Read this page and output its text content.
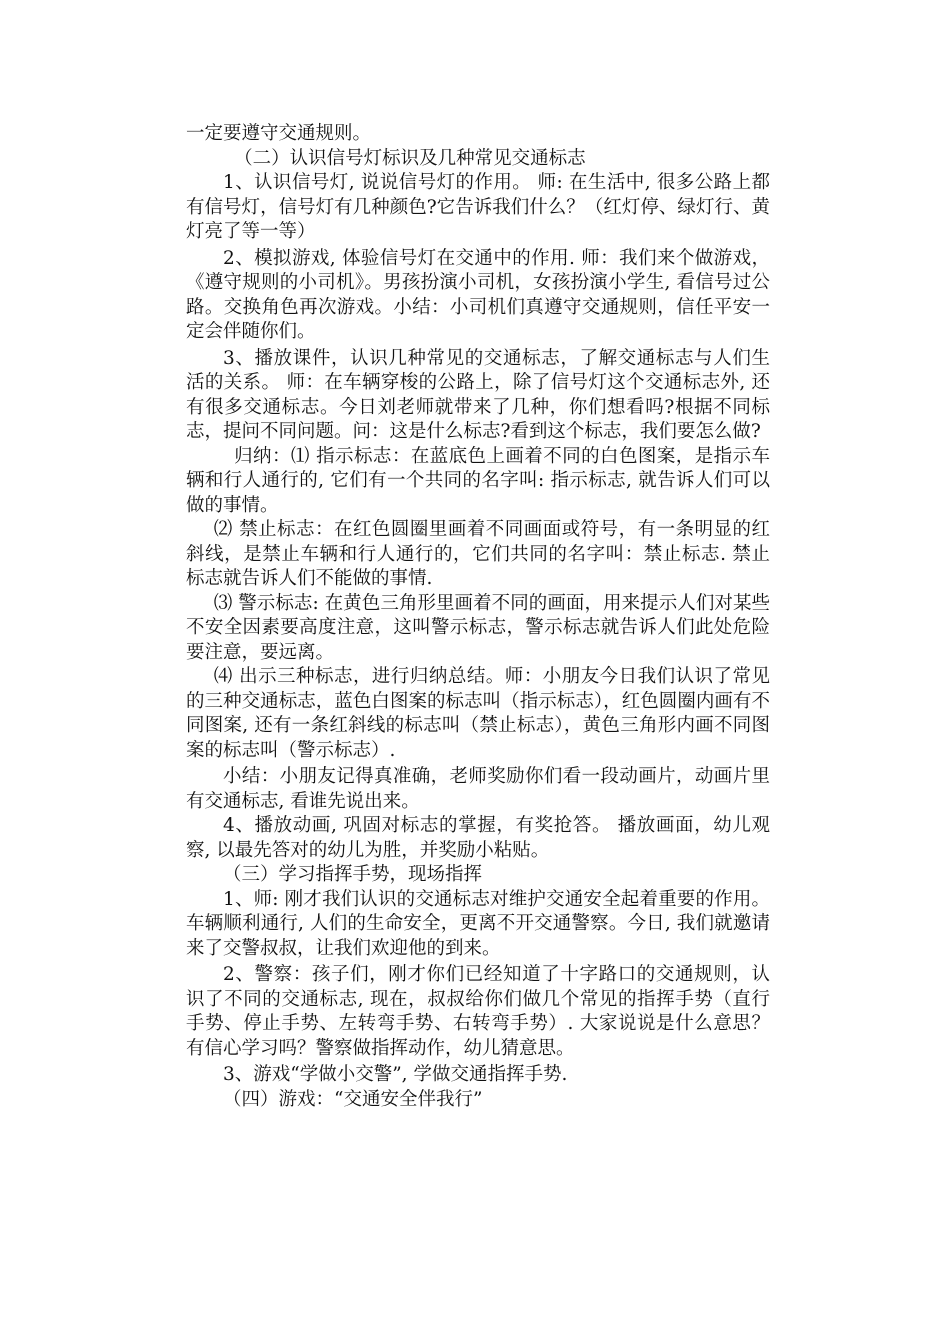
一定要遵守交通规则。

（二）认识信号灯标识及几种常见交通标志

1、认识信号灯, 说说信号灯的作用。 师: 在生活中, 很多公路上都有信号灯，信号灯有几种颜色?它告诉我们什么？（红灯停、绿灯行、黄灯亮了等一等）

2、模拟游戏, 体验信号灯在交通中的作用. 师：我们来个做游戏，《遵守规则的小司机》。男孩扮演小司机，女孩扮演小学生, 看信号过公路。交换角色再次游戏。小结：小司机们真遵守交通规则，信任平安一定会伴随你们。

3、播放课件，认识几种常见的交通标志，了解交通标志与人们生活的关系。 师：在车辆穿梭的公路上，除了信号灯这个交通标志外, 还有很多交通标志。今日刘老师就带来了几种，你们想看吗?根据不同标志，提问不同问题。问：这是什么标志?看到这个标志，我们要怎么做?

归纳：⑴ 指示标志：在蓝底色上画着不同的白色图案，是指示车辆和行人通行的, 它们有一个共同的名字叫: 指示标志, 就告诉人们可以做的事情。

⑵ 禁止标志：在红色圆圈里画着不同画面或符号，有一条明显的红斜线，是禁止车辆和行人通行的，它们共同的名字叫：禁止标志. 禁止标志就告诉人们不能做的事情.

⑶ 警示标志: 在黄色三角形里画着不同的画面，用来提示人们对某些不安全因素要高度注意，这叫警示标志，警示标志就告诉人们此处危险要注意，要远离。

⑷ 出示三种标志，进行归纳总结。师：小朋友今日我们认识了常见的三种交通标志，蓝色白图案的标志叫（指示标志），红色圆圈内画有不同图案, 还有一条红斜线的标志叫（禁止标志），黄色三角形内画不同图案的标志叫（警示标志）.

小结：小朋友记得真准确，老师奖励你们看一段动画片，动画片里有交通标志, 看谁先说出来。

4、播放动画, 巩固对标志的掌握，有奖抢答。 播放画面，幼儿观察, 以最先答对的幼儿为胜，并奖励小粘贴。

（三）学习指挥手势，现场指挥

1、师: 刚才我们认识的交通标志对维护交通安全起着重要的作用。车辆顺利通行, 人们的生命安全，更离不开交通警察。今日, 我们就邀请来了交警叔叔，让我们欢迎他的到来。

2、警察：孩子们，刚才你们已经知道了十字路口的交通规则，认识了不同的交通标志, 现在，叔叔给你们做几个常见的指挥手势（直行手势、停止手势、左转弯手势、右转弯手势）. 大家说说是什么意思？有信心学习吗？警察做指挥动作，幼儿猜意思。

3、游戏“学做小交警”, 学做交通指挥手势.

（四）游戏：“交通安全伴我行”
